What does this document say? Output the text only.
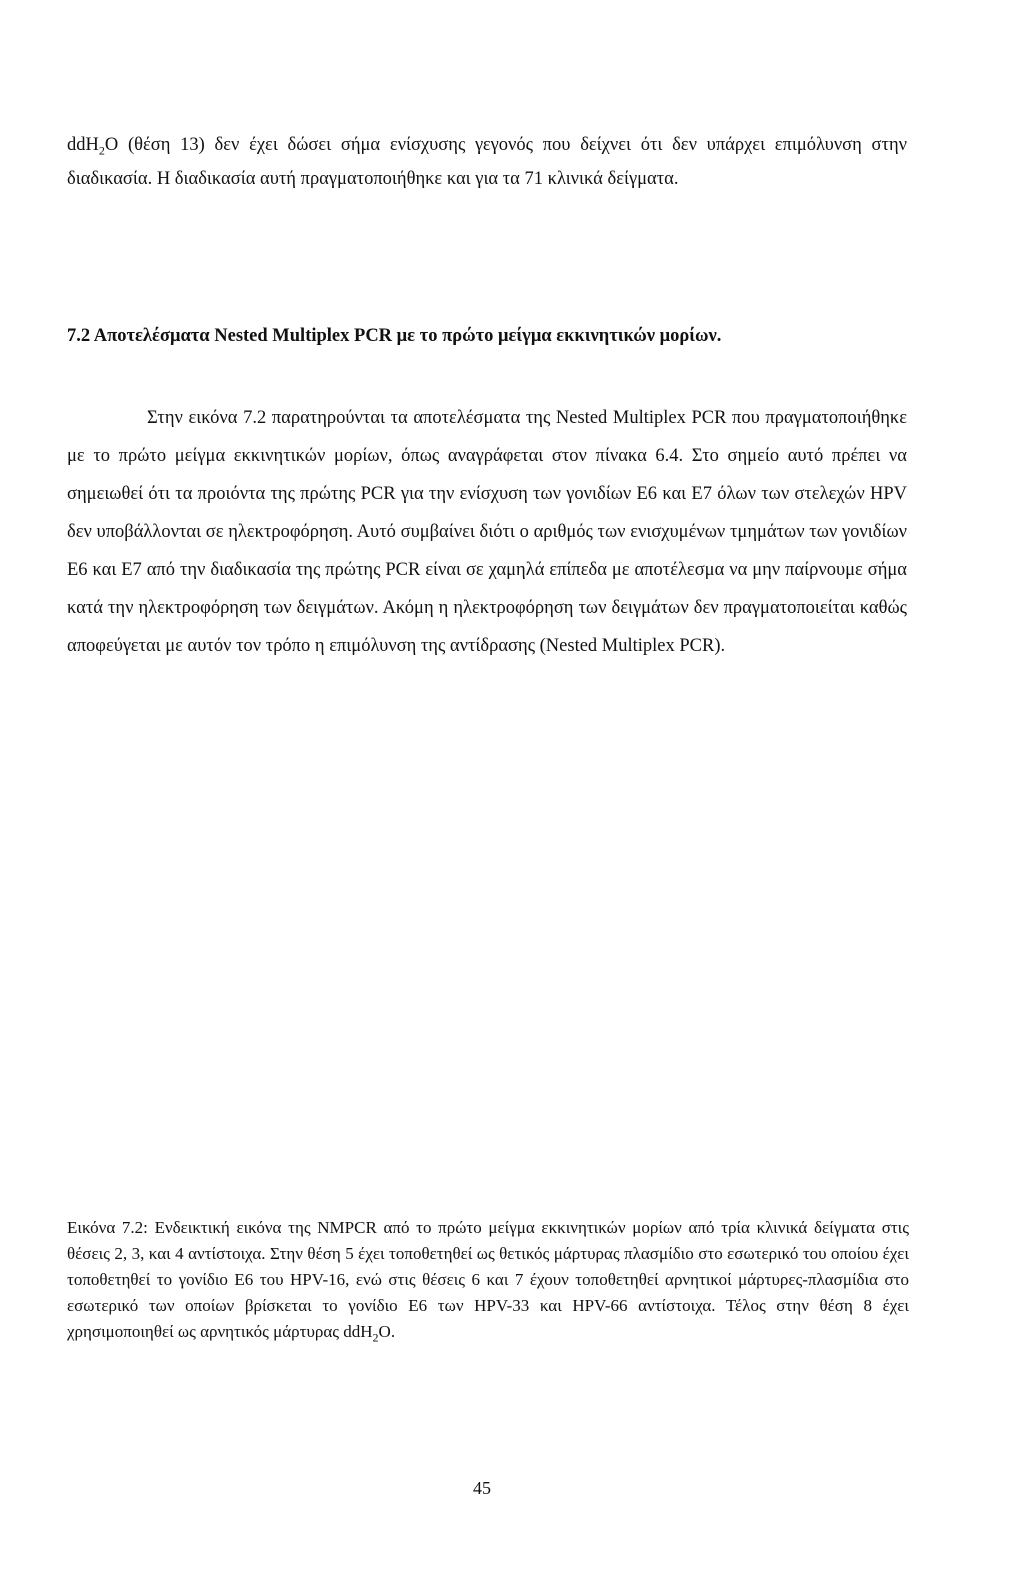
ddH$_2$O (θέση 13) δεν έχει δώσει σήμα ενίσχυσης γεγονός που δείχνει ότι δεν υπάρχει επιμόλυνση στην διαδικασία. Η διαδικασία αυτή πραγματοποιήθηκε και για τα 71 κλινικά δείγματα.

7.2 Αποτελέσματα Nested Multiplex PCR με το πρώτο μείγμα εκκινητικών μορίων.

Στην εικόνα 7.2 παρατηρούνται τα αποτελέσματα της Nested Multiplex PCR που πραγματοποιήθηκε με το πρώτο μείγμα εκκινητικών μορίων, όπως αναγράφεται στον πίνακα 6.4. Στο σημείο αυτό πρέπει να σημειωθεί ότι τα προιόντα της πρώτης PCR για την ενίσχυση των γονιδίων Ε6 και Ε7 όλων των στελεχών HPV δεν υποβάλλονται σε ηλεκτροφόρηση. Αυτό συμβαίνει διότι ο αριθμός των ενισχυμένων τμημάτων των γονιδίων Ε6 και Ε7 από την διαδικασία της πρώτης PCR είναι σε χαμηλά επίπεδα με αποτέλεσμα να μην παίρνουμε σήμα κατά την ηλεκτροφόρηση των δειγμάτων. Ακόμη η ηλεκτροφόρηση των δειγμάτων δεν πραγματοποιείται καθώς αποφεύγεται με αυτόν τον τρόπο η επιμόλυνση της αντίδρασης (Nested Multiplex PCR).

Εικόνα 7.2: Ενδεικτική εικόνα της NMPCR από το πρώτο μείγμα εκκινητικών μορίων από τρία κλινικά δείγματα στις θέσεις 2, 3, και 4 αντίστοιχα. Στην θέση 5 έχει τοποθετηθεί ως θετικός μάρτυρας πλασμίδιο στο εσωτερικό του οποίου έχει τοποθετηθεί το γονίδιο Ε6 του HPV-16, ενώ στις θέσεις 6 και 7 έχουν τοποθετηθεί αρνητικοί μάρτυρες-πλασμίδια στο εσωτερικό των οποίων βρίσκεται το γονίδιο Ε6 των HPV-33 και HPV-66 αντίστοιχα. Τέλος στην θέση 8 έχει χρησιμοποιηθεί ως αρνητικός μάρτυρας ddH$_2$O.

45
